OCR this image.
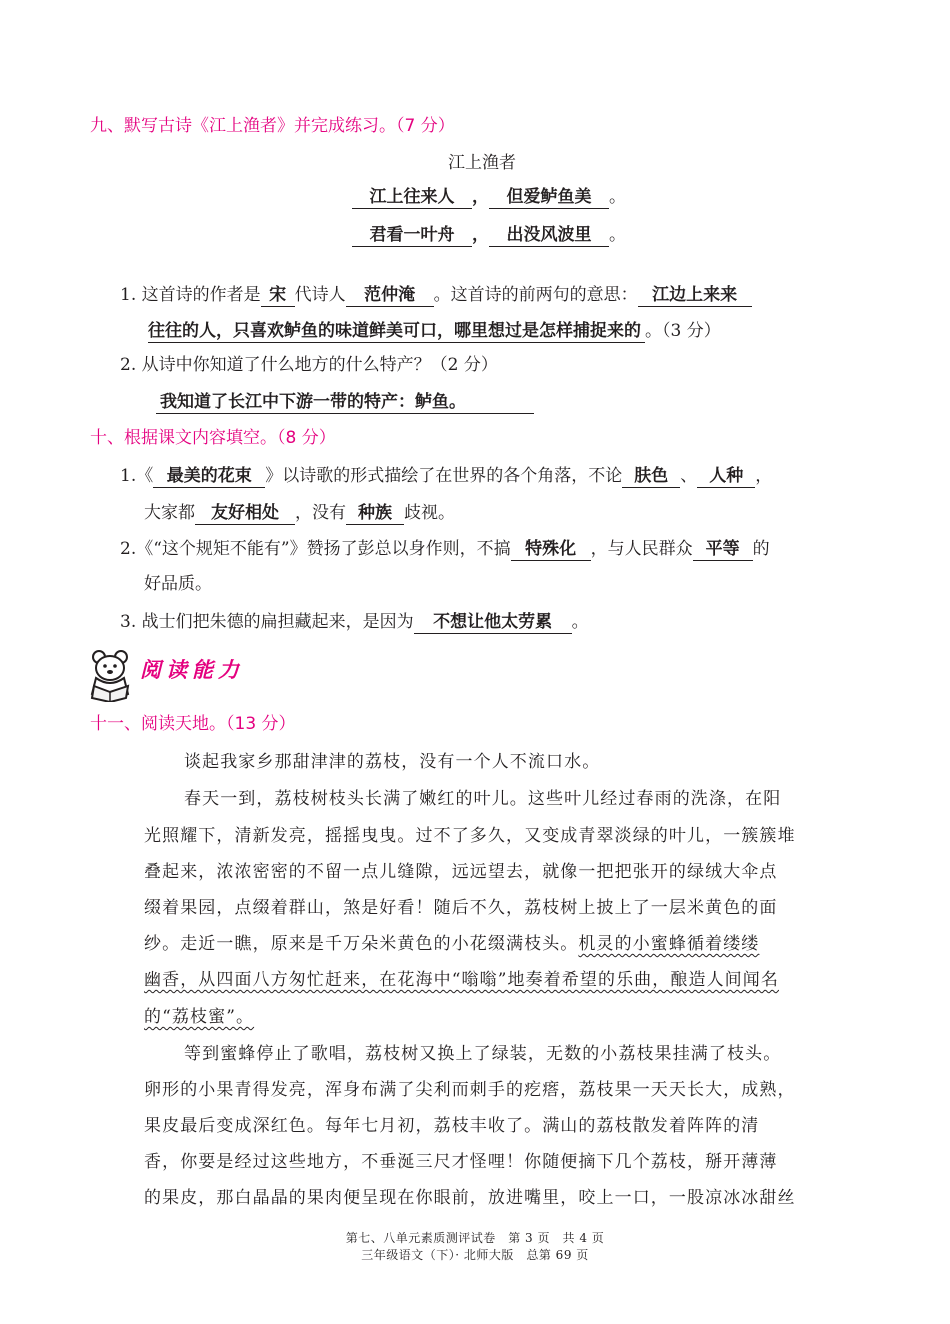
九、默写古诗《江上渔者》并完成练习。（7 分）
江上渔者
江上往来人 ， 但爱鲈鱼美 。
君看一叶舟 ， 出没风波里 。
1. 这首诗的作者是 宋 代诗人 范仲淹 。这首诗的前两句的意思： 江边上来来
往往的人，只喜欢鲈鱼的味道鲜美可口，哪里想过是怎样捕捉来的 。（3 分）
2. 从诗中你知道了什么地方的什么特产？（2 分）
我知道了长江中下游一带的特产：鲈鱼。
十、根据课文内容填空。（8 分）
1.《 最美的花束 》以诗歌的形式描绘了在世界的各个角落，不论 肤色 、 人种 ，
大家都 友好相处 ，没有 种族 歧视。
2.《“这个规矩不能有”》赞扬了彭总以身作则，不搞 特殊化 ，与人民群众 平等 的
好品质。
3. 战士们把朱德的扁担藏起来，是因为 不想让他太劳累 。
阅读能力
十一、阅读天地。（13 分）
谈起我家乡那甜津津的荔枝，没有一个人不流口水。
春天一到，荔枝树枝头长满了嫩红的叶儿。这些叶儿经过春雨的洗涤，在阳
光照耀下，清新发亮，摇摇曳曳。过不了多久，又变成青翠淡绿的叶儿，一簇簇堆
叠起来，浓浓密密的不留一点儿缝隙，远远望去，就像一把把张开的绿绒大伞点
缀着果园，点缀着群山，煞是好看！随后不久，荔枝树上披上了一层米黄色的面
纱。走近一瞧，原来是千万朵米黄色的小花缀满枝头。机灵的小蜜蜂循着缕缕
幽香，从四面八方匆忙赶来，在花海中“嗡嗡”地奏着希望的乐曲，酿造人间闻名
的“荔枝蜜”。
等到蜜蜂停止了歌唱，荔枝树又换上了绿装，无数的小荔枝果挂满了枝头。
卵形的小果青得发亮，浑身布满了尖利而刺手的疙瘩，荔枝果一天天长大，成熟，
果皮最后变成深红色。每年七月初，荔枝丰收了。满山的荔枝散发着阵阵的清
香，你要是经过这些地方，不垂涎三尺才怪哩！你随便摘下几个荔枝，掰开薄薄
的果皮，那白晶晶的果肉便呈现在你眼前，放进嘴里，咬上一口，一股凉冰冰甜丝
第七、八单元素质测评试卷　第 3 页　共 4 页
三年级语文（下）· 北师大版　总第 69 页
